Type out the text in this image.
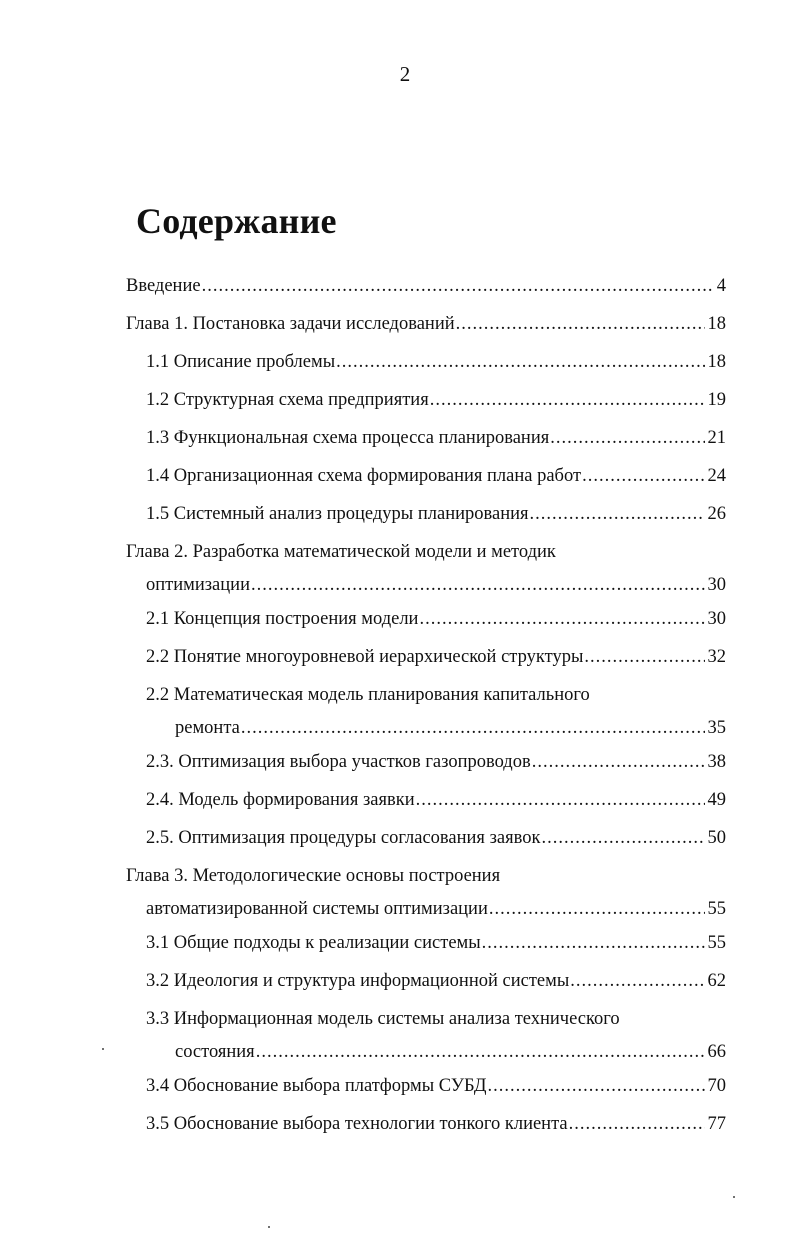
2
Содержание
Введение .....	4
Глава 1. Постановка задачи исследований .....	18
1.1 Описание проблемы .....	18
1.2 Структурная схема предприятия .....	19
1.3 Функциональная схема процесса планирования .....	21
1.4 Организационная схема формирования плана работ .....	24
1.5 Системный анализ процедуры планирования .....	26
Глава 2. Разработка математической модели и методик
оптимизации .....	30
2.1 Концепция построения модели .....	30
2.2 Понятие многоуровневой иерархической структуры .....	32
2.2 Математическая модель планирования капитального
ремонта .....	35
2.3. Оптимизация выбора участков газопроводов .....	38
2.4. Модель формирования заявки .....	49
2.5. Оптимизация процедуры согласования заявок .....	50
Глава 3. Методологические основы построения
автоматизированной системы оптимизации .....	55
3.1 Общие подходы к реализации системы .....	55
3.2 Идеология и структура информационной системы .....	62
3.3 Информационная модель системы анализа технического
состояния .....	66
3.4 Обоснование выбора платформы СУБД .....	70
3.5 Обоснование выбора технологии тонкого клиента .....	77
